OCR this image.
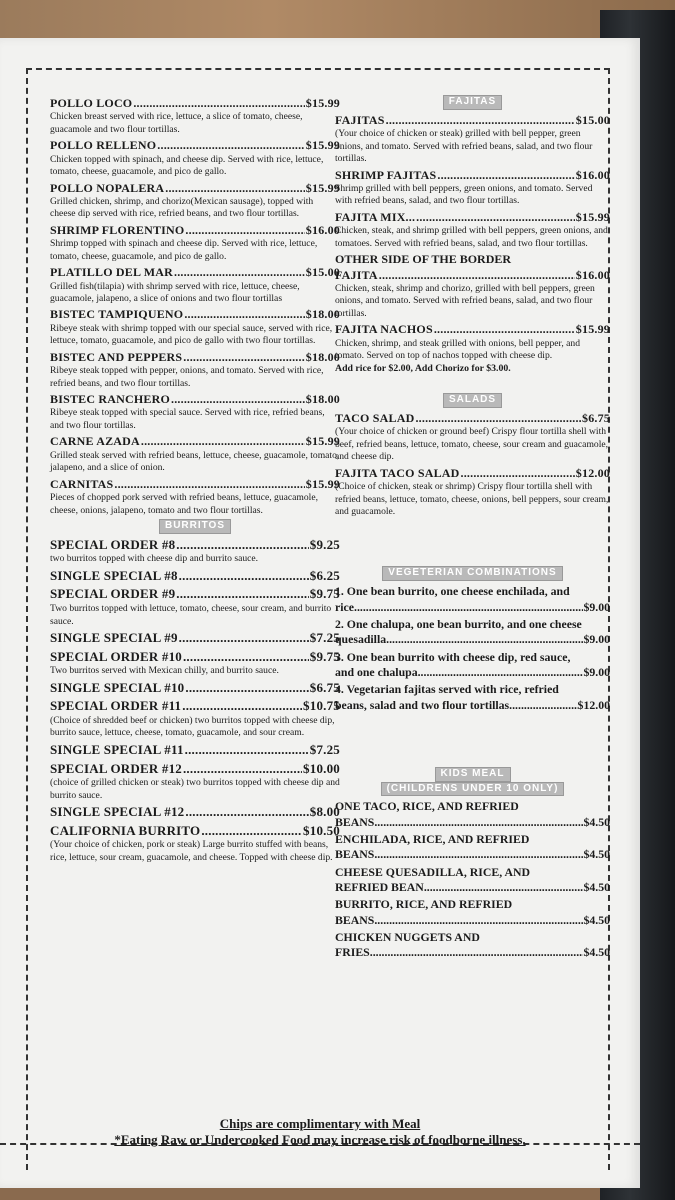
POLLO LOCO .....	$15.99
Chicken breast served with rice, lettuce, a slice of tomato, cheese, guacamole and two flour tortillas.
POLLO RELLENO .....	$15.99
Chicken topped with spinach, and cheese dip. Served with rice, lettuce, tomato, cheese, guacamole, and pico de gallo.
POLLO NOPALERA .....	$15.99
Grilled chicken, shrimp, and chorizo(Mexican sausage), topped with cheese dip served with rice, refried beans, and two flour tortillas.
SHRIMP FLORENTINO .....	$16.00
Shrimp topped with spinach and cheese dip. Served with rice, lettuce, tomato, cheese, guacamole, and pico de gallo.
PLATILLO DEL MAR .....	$15.00
Grilled fish(tilapia) with shrimp served with rice, lettuce, cheese, guacamole, jalapeno, a slice of onions and two flour tortillas
BISTEC TAMPIQUENO .....	$18.00
Ribeye steak with shrimp topped with our special sauce, served with rice, lettuce, tomato, guacamole, and pico de gallo with two flour tortillas.
BISTEC AND PEPPERS .....	$18.00
Ribeye steak topped with pepper, onions, and tomato. Served with rice, refried beans, and two flour tortillas.
BISTEC RANCHERO .....	$18.00
Ribeye steak topped with special sauce. Served with rice, refried beans, and two flour tortillas.
CARNE AZADA .....	$15.99
Grilled steak served with refried beans, lettuce, cheese, guacamole, tomato, jalapeno, and a slice of onion.
CARNITAS .....	$15.99
Pieces of chopped pork served with refried beans, lettuce, guacamole, cheese, onions, jalapeno, tomato and two flour tortillas.
BURRITOS
SPECIAL ORDER #8 .....	$9.25
two burritos topped with cheese dip and burrito sauce.
SINGLE SPECIAL #8 .....	$6.25
SPECIAL ORDER #9 .....	$9.75
Two burritos topped with lettuce, tomato, cheese, sour cream, and burrito sauce.
SINGLE SPECIAL #9 .....	$7.25
SPECIAL ORDER #10 .....	$9.75
Two burritos served with Mexican chilly, and burrito sauce.
SINGLE SPECIAL #10 .....	$6.75
SPECIAL ORDER #11 .....	$10.75
(Choice of shredded beef or chicken) two burritos topped with cheese dip, burrito sauce, lettuce, cheese, tomato, guacamole, and sour cream.
SINGLE SPECIAL #11 .....	$7.25
SPECIAL ORDER #12 .....	$10.00
(choice of grilled chicken or steak) two burritos topped with cheese dip and burrito sauce.
SINGLE SPECIAL #12 .....	$8.00
CALIFORNIA BURRITO .....	$10.50
(Your choice of chicken, pork or steak) Large burrito stuffed with beans, rice, lettuce, sour cream, guacamole, and cheese. Topped with cheese dip.
FAJITAS
FAJITAS .....	$15.00
(Your choice of chicken or steak) grilled with bell pepper, green onions, and tomato. Served with refried beans, salad, and two flour tortillas.
SHRIMP FAJITAS .....	$16.00
Shrimp grilled with bell peppers, green onions, and tomato. Served with refried beans, salad, and two flour tortillas.
FAJITA MIX... .....	$15.99
Chicken, steak, and shrimp grilled with bell peppers, green onions, and tomatoes. Served with refried beans, salad, and two flour tortillas.
OTHER SIDE OF THE BORDER
FAJITA .....	$16.00
Chicken, steak, shrimp and chorizo, grilled with bell peppers, green onions, and tomato. Served with refried beans, salad, and two flour tortillas.
FAJITA NACHOS .....	$15.99
Chicken, shrimp, and steak grilled with onions, bell pepper, and tomato. Served on top of nachos topped with cheese dip.
Add rice for $2.00, Add Chorizo for $3.00.
SALADS
TACO SALAD .....	$6.75
(Your choice of chicken or ground beef) Crispy flour tortilla shell with beef, refried beans, lettuce, tomato, cheese, sour cream and guacamole, and cheese dip.
FAJITA TACO SALAD .....	$12.00
(Choice of chicken, steak or shrimp) Crispy flour tortilla shell with refried beans, lettuce, tomato, cheese, onions, bell peppers, sour cream, and guacamole.
VEGETERIAN COMBINATIONS
1. One bean burrito, one cheese enchilada, and
rice .....	$9.00
2. One chalupa, one bean burrito, and one cheese
quesadilla .....	$9.00
3. One bean burrito with cheese dip, red sauce,
and one chalupa .....	$9.00
4. Vegetarian fajitas served with rice, refried
beans, salad and two flour tortillas .....	$12.00
KIDS MEAL
(CHILDRENS UNDER 10 ONLY)
ONE TACO, RICE, AND REFRIED
BEANS .....	$4.50
ENCHILADA, RICE, AND REFRIED
BEANS .....	$4.50
CHEESE QUESADILLA, RICE, AND
REFRIED BEAN .....	$4.50
BURRITO, RICE, AND REFRIED
BEANS .....	$4.50
CHICKEN NUGGETS AND
FRIES .....	$4.50
Chips are complimentary with Meal
*Eating Raw or Undercooked Food may increase risk of foodborne illness.
